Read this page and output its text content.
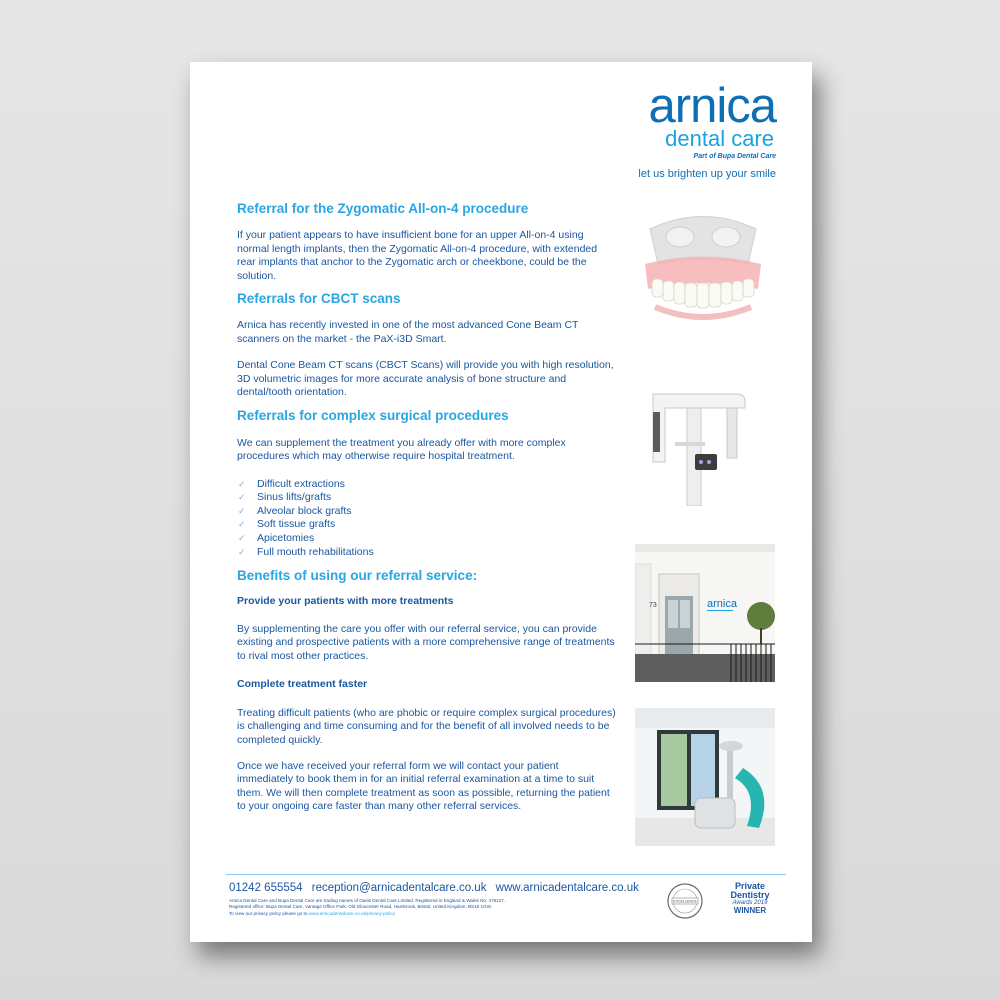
arnica
dental care
Part of Bupa Dental Care
let us brighten up your smile
Referral for the Zygomatic All-on-4 procedure

If your patient appears to have insufficient bone for an upper All-on-4 using normal length implants, then the Zygomatic All-on-4 procedure, with extended rear implants that anchor to the Zygomatic arch or cheekbone, could be the solution.

Referrals for CBCT scans

Arnica has recently invested in one of the most advanced Cone Beam CT scanners on the market - the PaX-i3D Smart.

Dental Cone Beam CT scans (CBCT Scans) will provide you with high resolution, 3D volumetric images for more accurate analysis of bone structure and dental/tooth orientation.

Referrals for complex surgical procedures

We can supplement the treatment you already offer with more complex procedures which may otherwise require hospital treatment.

✓ Difficult extractions
✓ Sinus lifts/grafts
✓ Alveolar block grafts
✓ Soft tissue grafts
✓ Apicetomies
✓ Full mouth rehabilitations
Benefits of using our referral service:
Provide your patients with more treatments

By supplementing the care you offer with our referral service, you can provide existing and prospective patients with a more comprehensive range of treatments to rival most other practices.

Complete treatment faster

Treating difficult patients (who are phobic or require complex surgical procedures) is challenging and time consuming and for the benefit of all involved needs to be completed quickly.

Once we have received your referral form we will contact your patient immediately to book them in for an initial referral examination at a time to suit them. We will then complete treatment as soon as possible, returning the patient to your ongoing care faster than many other referral services.

73	arnica
01242 655554 reception@arnicadentalcare.co.uk www.arnicadentalcare.co.uk
Arnica Dental Care and Bupa Dental Care are trading names of Oasis Dental Care Limited. Registered in England & Wales No: 478127.
Registered office: Bupa Dental Care, Vantage Office Park, Old Gloucester Road, Hambrook, Bristol, United Kingdom, BS16 1GW.
To view our privacy policy please go to www.arnicadentalcare.co.uk/privacy-policy
EXCELLENCE
Private
Dentistry
Awards 2019
WINNER
